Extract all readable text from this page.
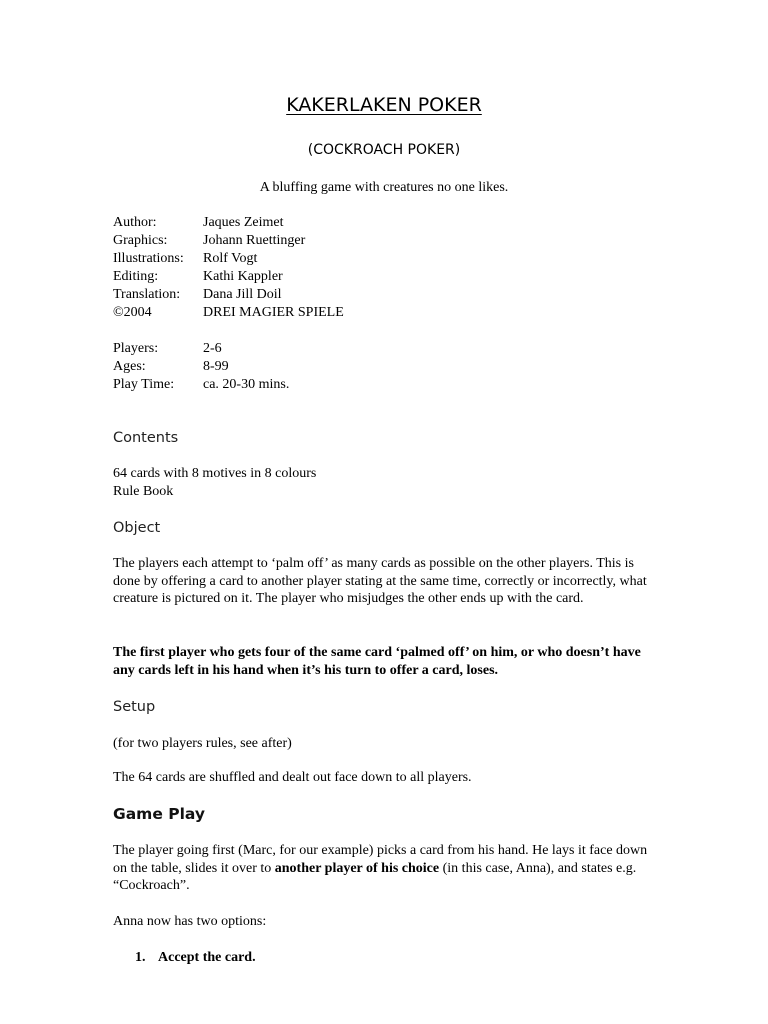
KAKERLAKEN POKER
(COCKROACH POKER)
A bluffing game with creatures no one likes.
Author:	Jaques Zeimet
Graphics:	Johann Ruettinger
Illustrations:	Rolf Vogt
Editing:	Kathi Kappler
Translation:	Dana Jill Doil
©2004	DREI MAGIER SPIELE
Players:	2-6
Ages:	8-99
Play Time:	ca. 20-30 mins.
Contents
64 cards with 8 motives in 8 colours
Rule Book
Object
The players each attempt to ‘palm off’ as many cards as possible on the other players. This is done by offering a card to another player stating at the same time, correctly or incorrectly, what creature is pictured on it. The player who misjudges the other ends up with the card.
The first player who gets four of the same card ‘palmed off’ on him, or who doesn’t have any cards left in his hand when it’s his turn to offer a card, loses.
Setup
(for two players rules, see after)
The 64 cards are shuffled and dealt out face down to all players.
Game Play
The player going first (Marc, for our example) picks a card from his hand. He lays it face down on the table, slides it over to another player of his choice (in this case, Anna), and states e.g. “Cockroach”.
Anna now has two options:
1. Accept the card.
